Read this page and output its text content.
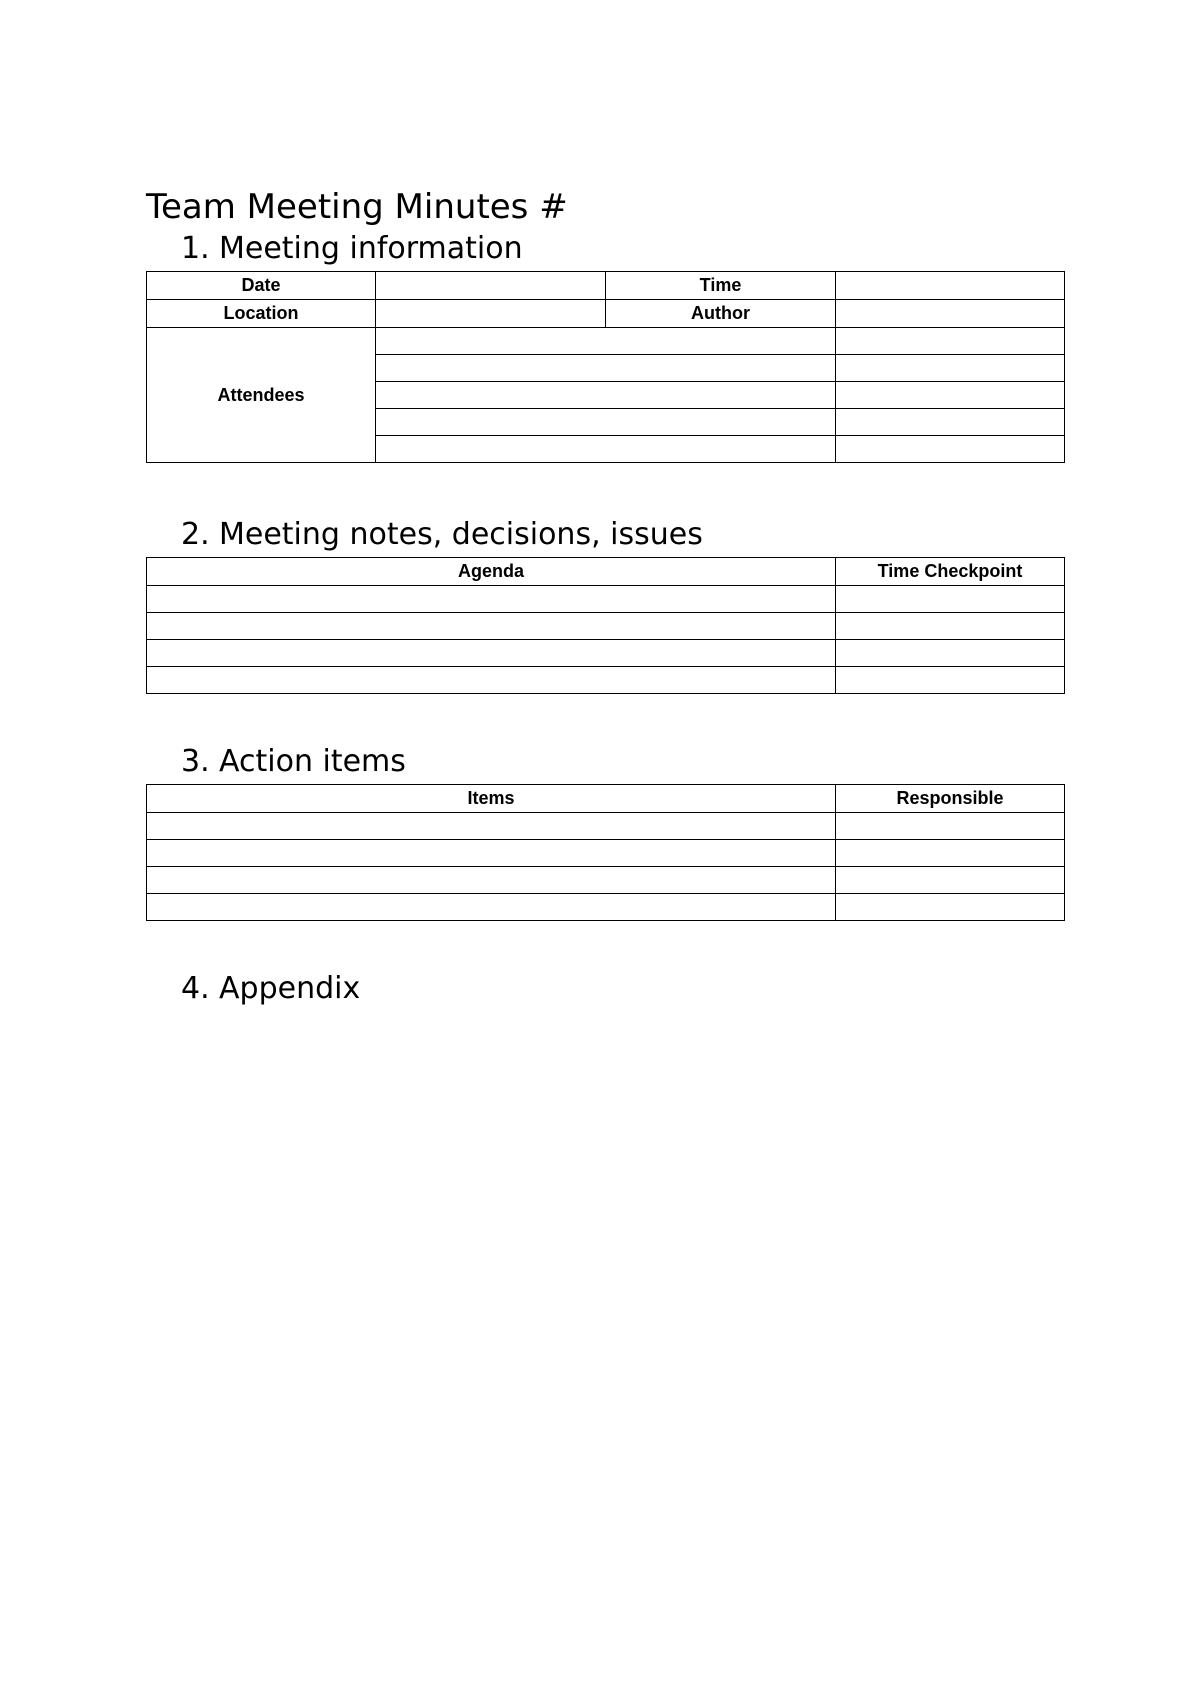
Team Meeting Minutes #
1. Meeting information
Date		Time	
Location		Author	
Attendees			

2. Meeting notes, decisions, issues
Agenda	Time Checkpoint

3. Action items
Items	Responsible

4. Appendix
